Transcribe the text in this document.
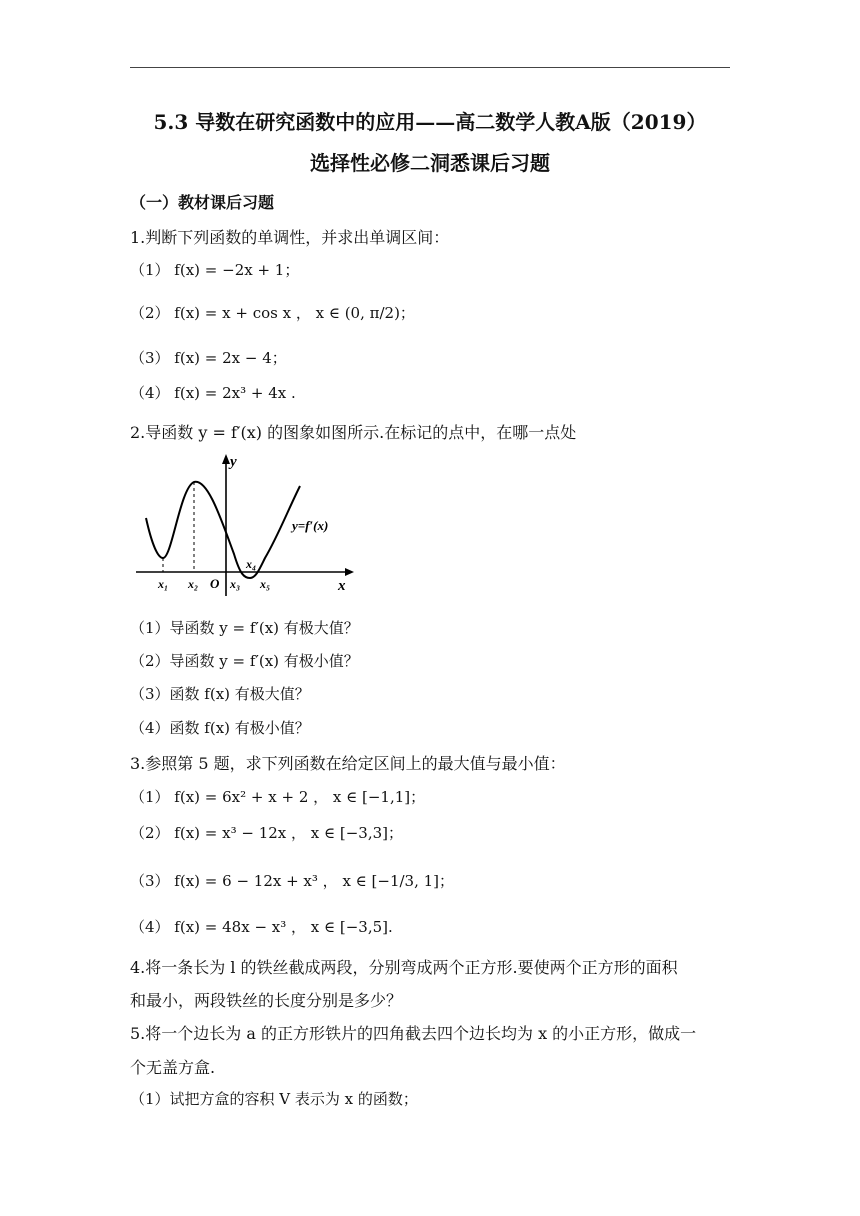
5.3 导数在研究函数中的应用——高二数学人教A版（2019）
选择性必修二洞悉课后习题
（一）教材课后习题
1.判断下列函数的单调性，并求出单调区间：
（1） f(x) = −2x + 1；
（2） f(x) = x + cos x ， x ∈ (0, π/2)；
（3） f(x) = 2x − 4；
（4） f(x) = 2x³ + 4x .
2.导函数 y = f′(x) 的图象如图所示.在标记的点中，在哪一点处
y
x
y=f′(x)
x₁ x₂ O x₃
x₄
x₅
（1）导函数 y = f′(x) 有极大值？
（2）导函数 y = f′(x) 有极小值？
（3）函数 f(x) 有极大值？
（4）函数 f(x) 有极小值？
3.参照第 5 题，求下列函数在给定区间上的最大值与最小值：
（1） f(x) = 6x² + x + 2 ， x ∈ [−1,1]；
（2） f(x) = x³ − 12x ， x ∈ [−3,3]；
（3） f(x) = 6 − 12x + x³ ， x ∈ [−1/3, 1]；
（4） f(x) = 48x − x³ ， x ∈ [−3,5].
4.将一条长为 l 的铁丝截成两段，分别弯成两个正方形.要使两个正方形的面积
和最小，两段铁丝的长度分别是多少？
5.将一个边长为 a 的正方形铁片的四角截去四个边长均为 x 的小正方形，做成一
个无盖方盒.
（1）试把方盒的容积 V 表示为 x 的函数；
